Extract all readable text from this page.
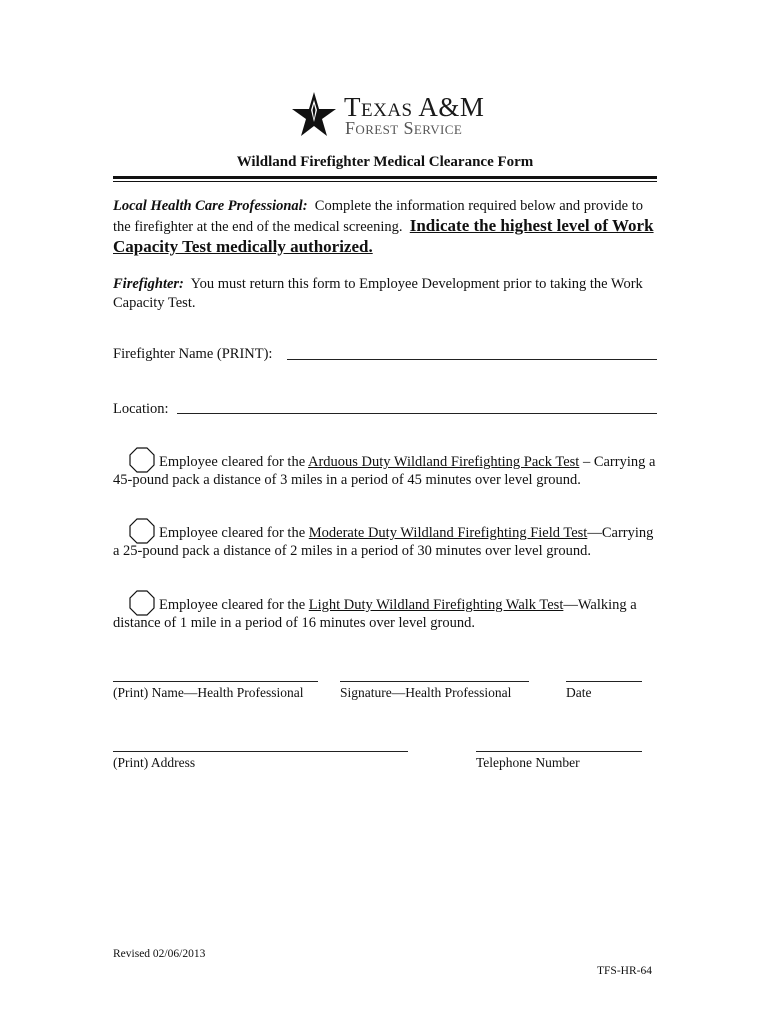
Texas A&M
Forest Service
Wildland Firefighter Medical Clearance Form
Local Health Care Professional: Complete the information required below and provide to the firefighter at the end of the medical screening. Indicate the highest level of Work Capacity Test medically authorized.
Firefighter: You must return this form to Employee Development prior to taking the Work Capacity Test.
Firefighter Name (PRINT):
Location:
Employee cleared for the Arduous Duty Wildland Firefighting Pack Test – Carrying a 45-pound pack a distance of 3 miles in a period of 45 minutes over level ground.
Employee cleared for the Moderate Duty Wildland Firefighting Field Test—Carrying a 25-pound pack a distance of 2 miles in a period of 30 minutes over level ground.
Employee cleared for the Light Duty Wildland Firefighting Walk Test—Walking a distance of 1 mile in a period of 16 minutes over level ground.
(Print) Name—Health Professional	Signature—Health Professional	Date
(Print) Address	Telephone Number
Revised 02/06/2013
TFS-HR-64
